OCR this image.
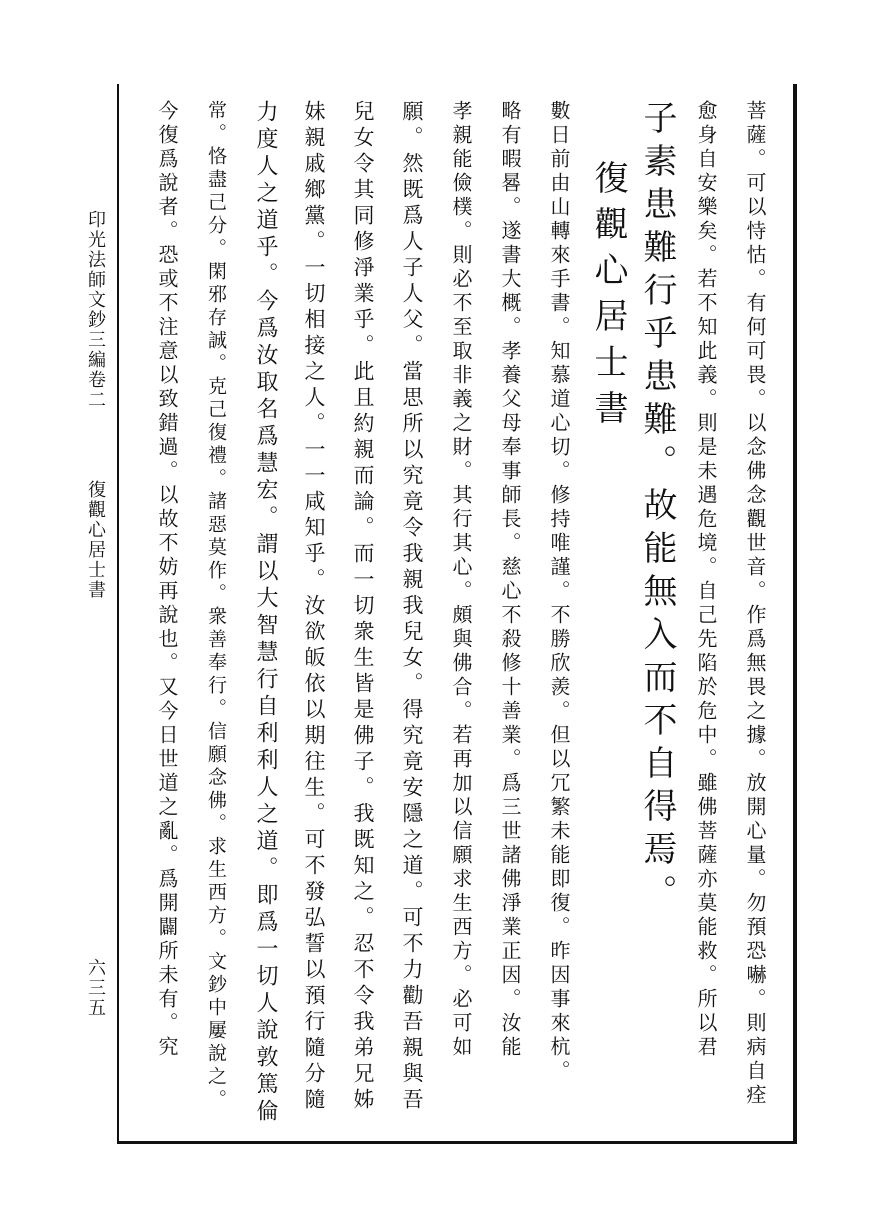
印光法師文鈔三編卷二
復觀心居士書
六三五	菩薩。可以恃怙。有何可畏。以念佛念觀世音。作爲無畏之據。放開心量。勿預恐嚇。則病自痊
愈身自安樂矣。若不知此義。則是未遇危境。自己先陷於危中。雖佛菩薩亦莫能救。所以君
子素患難行乎患難。故能無入而不自得焉。
復觀心居士書
數日前由山轉來手書。知慕道心切。修持唯謹。不勝欣羨。但以冗繁未能即復。昨因事來杭。
略有暇晷。遂書大概。孝養父母奉事師長。慈心不殺修十善業。爲三世諸佛淨業正因。汝能
孝親能儉樸。則必不至取非義之財。其行其心。頗與佛合。若再加以信願求生西方。必可如
願。然既爲人子人父。當思所以究竟令我親我兒女。得究竟安隱之道。可不力勸吾親與吾
兒女令其同修淨業乎。此且約親而論。而一切衆生皆是佛子。我既知之。忍不令我弟兄姊
妹親戚鄉黨。一切相接之人。一一咸知乎。汝欲皈依以期往生。可不發弘誓以預行隨分隨
力度人之道乎。今爲汝取名爲慧宏。謂以大智慧行自利利人之道。即爲一切人說敦篤倫
常。恪盡己分。閑邪存誠。克己復禮。諸惡莫作。衆善奉行。信願念佛。求生西方。文鈔中屢說之。
今復爲說者。恐或不注意以致錯過。以故不妨再說也。又今日世道之亂。爲開闢所未有。究
